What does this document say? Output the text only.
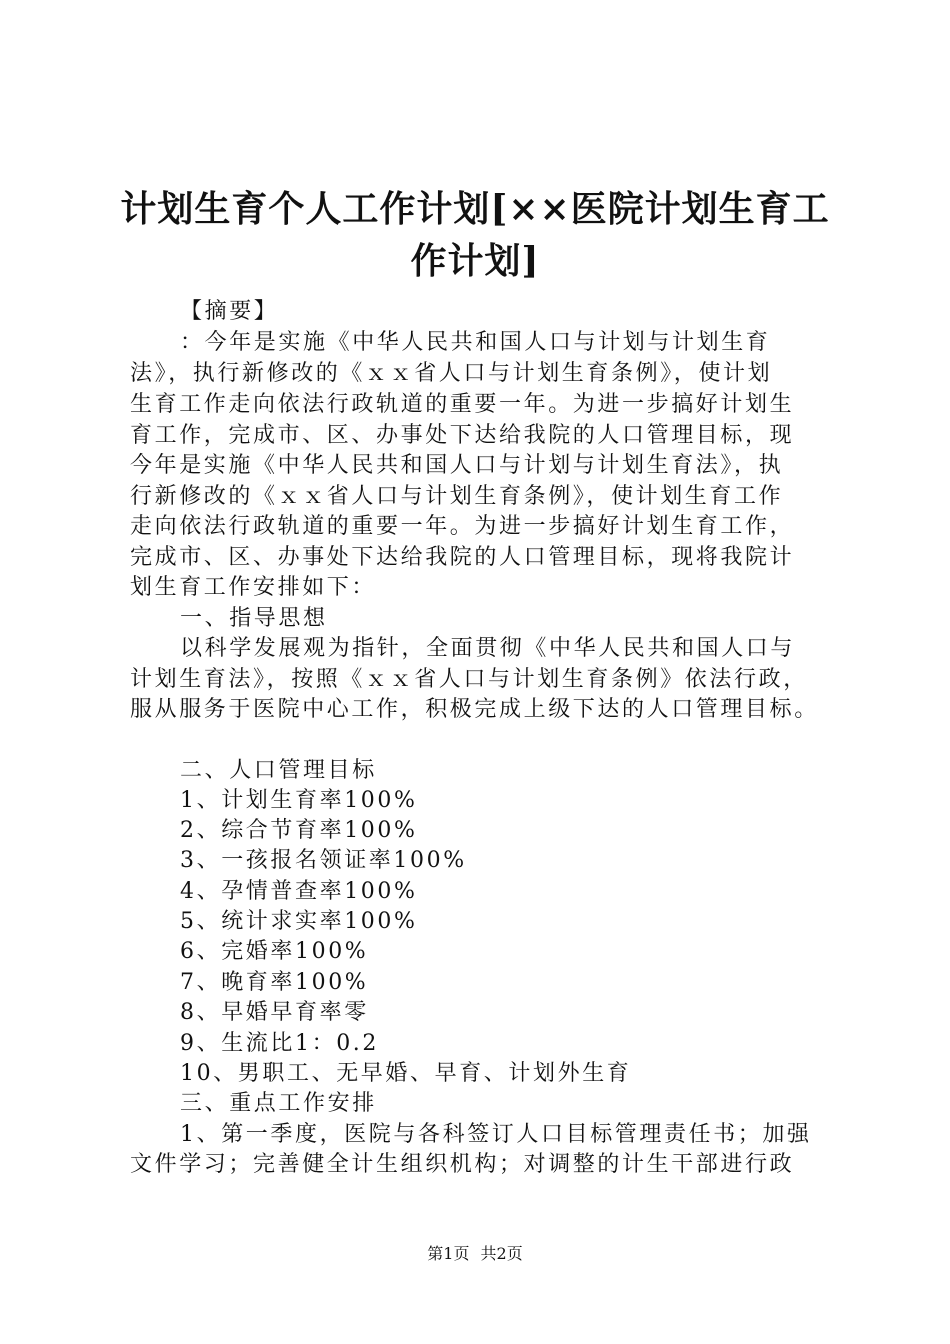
计划生育个人工作计划[××医院计划生育工
作计划]
【摘要】
：今年是实施《中华人民共和国人口与计划与计划生育
法》，执行新修改的《ｘｘ省人口与计划生育条例》，使计划
生育工作走向依法行政轨道的重要一年。为进一步搞好计划生
育工作，完成市、区、办事处下达给我院的人口管理目标，现
今年是实施《中华人民共和国人口与计划与计划生育法》，执
行新修改的《ｘｘ省人口与计划生育条例》，使计划生育工作
走向依法行政轨道的重要一年。为进一步搞好计划生育工作，
完成市、区、办事处下达给我院的人口管理目标，现将我院计
划生育工作安排如下：
一、指导思想
以科学发展观为指针，全面贯彻《中华人民共和国人口与
计划生育法》，按照《ｘｘ省人口与计划生育条例》依法行政，
服从服务于医院中心工作，积极完成上级下达的人口管理目标。
二、人口管理目标
1、计划生育率100%
2、综合节育率100%
3、一孩报名领证率100%
4、孕情普查率100%
5、统计求实率100%
6、完婚率100%
7、晚育率100%
8、早婚早育率零
9、生流比1：0.2
10、男职工、无早婚、早育、计划外生育
三、重点工作安排
1、第一季度，医院与各科签订人口目标管理责任书；加强
文件学习；完善健全计生组织机构；对调整的计生干部进行政
第1页 共2页
